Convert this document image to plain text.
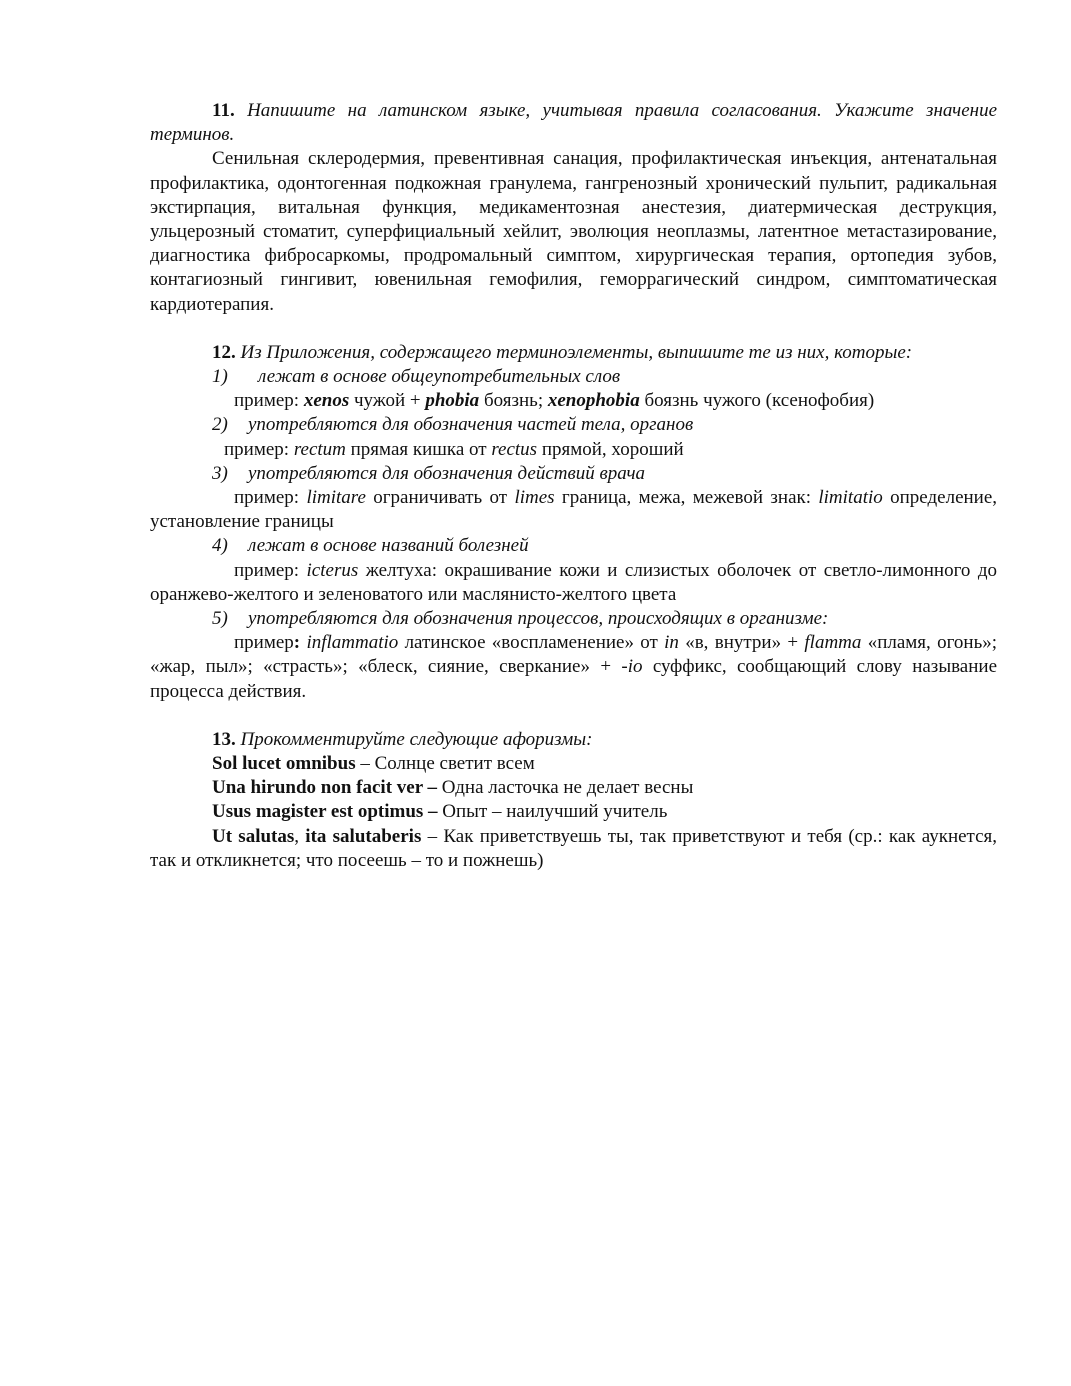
11. Напишите на латинском языке, учитывая правила согласования. Укажите значение терминов.

Сенильная склеродермия, превентивная санация, профилактическая инъекция, антенатальная профилактика, одонтогенная подкожная гранулема, гангренозный хронический пульпит, радикальная экстирпация, витальная функция, медикаментозная анестезия, диатермическая деструкция, ульцерозный стоматит, суперфициальный хейлит, эволюция неоплазмы, латентное метастазирование, диагностика фибросаркомы, продромальный симптом, хирургическая терапия, ортопедия зубов, контагиозный гингивит, ювенильная гемофилия, геморрагический синдром, симптоматическая кардиотерапия.

12. Из Приложения, содержащего терминоэлементы, выпишите те из них, которые:

1) лежат в основе общеупотребительных слов

пример: xenos чужой + phobia боязнь; xenophobia боязнь чужого (ксенофобия)

2) употребляются для обозначения частей тела, органов

пример: rectum прямая кишка от rectus прямой, хороший

3) употребляются для обозначения действий врача

пример: limitare ограничивать от limes граница, межа, межевой знак: limitatio определение, установление границы

4) лежат в основе названий болезней

пример: icterus желтуха: окрашивание кожи и слизистых оболочек от светло-лимонного до оранжево-желтого и зеленоватого или маслянисто-желтого цвета

5) употребляются для обозначения процессов, происходящих в организме:

пример: inflammatio латинское «воспламенение» от in «в, внутри» + flamma «пламя, огонь»; «жар, пыл»; «страсть»; «блеск, сияние, сверкание» + -io суффикс, сообщающий слову называние процесса действия.

13. Прокомментируйте следующие афоризмы:

Sol lucet omnibus – Солнце светит всем

Una hirundo non facit ver – Одна ласточка не делает весны

Usus magister est optimus – Опыт – наилучший учитель

Ut salutas, ita salutaberis – Как приветствуешь ты, так приветствуют и тебя (ср.: как аукнется, так и откликнется; что посеешь – то и пожнешь)
